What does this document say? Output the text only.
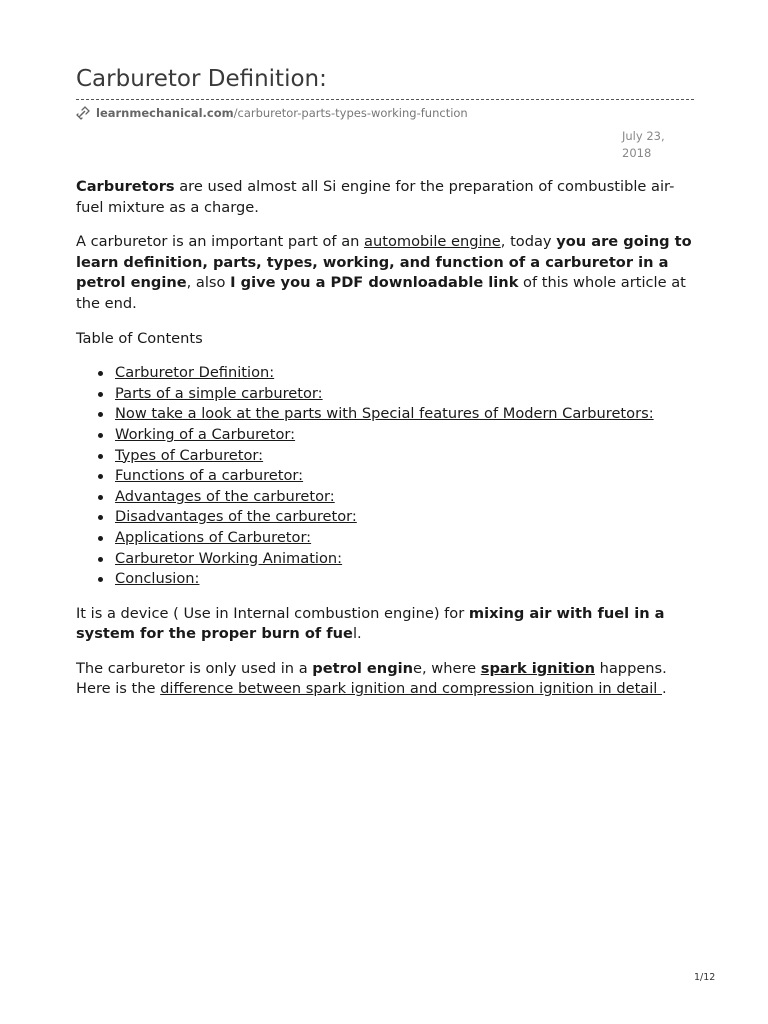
Carburetor Definition:
learnmechanical.com /carburetor-parts-types-working-function
July 23,
2018

Carburetors are used almost all Si engine for the preparation of combustible air-fuel mixture as a charge.

A carburetor is an important part of an automobile engine, today you are going to learn definition, parts, types, working, and function of a carburetor in a petrol engine, also I give you a PDF downloadable link of this whole article at the end.

Table of Contents

Carburetor Definition:
Parts of a simple carburetor:
Now take a look at the parts with Special features of Modern Carburetors:
Working of a Carburetor:
Types of Carburetor:
Functions of a carburetor:
Advantages of the carburetor:
Disadvantages of the carburetor:
Applications of Carburetor:
Carburetor Working Animation:
Conclusion:

It is a device ( Use in Internal combustion engine) for mixing air with fuel in a system for the proper burn of fuel.

The carburetor is only used in a petrol engine, where spark ignition happens. Here is the difference between spark ignition and compression ignition in detail .

1/12
